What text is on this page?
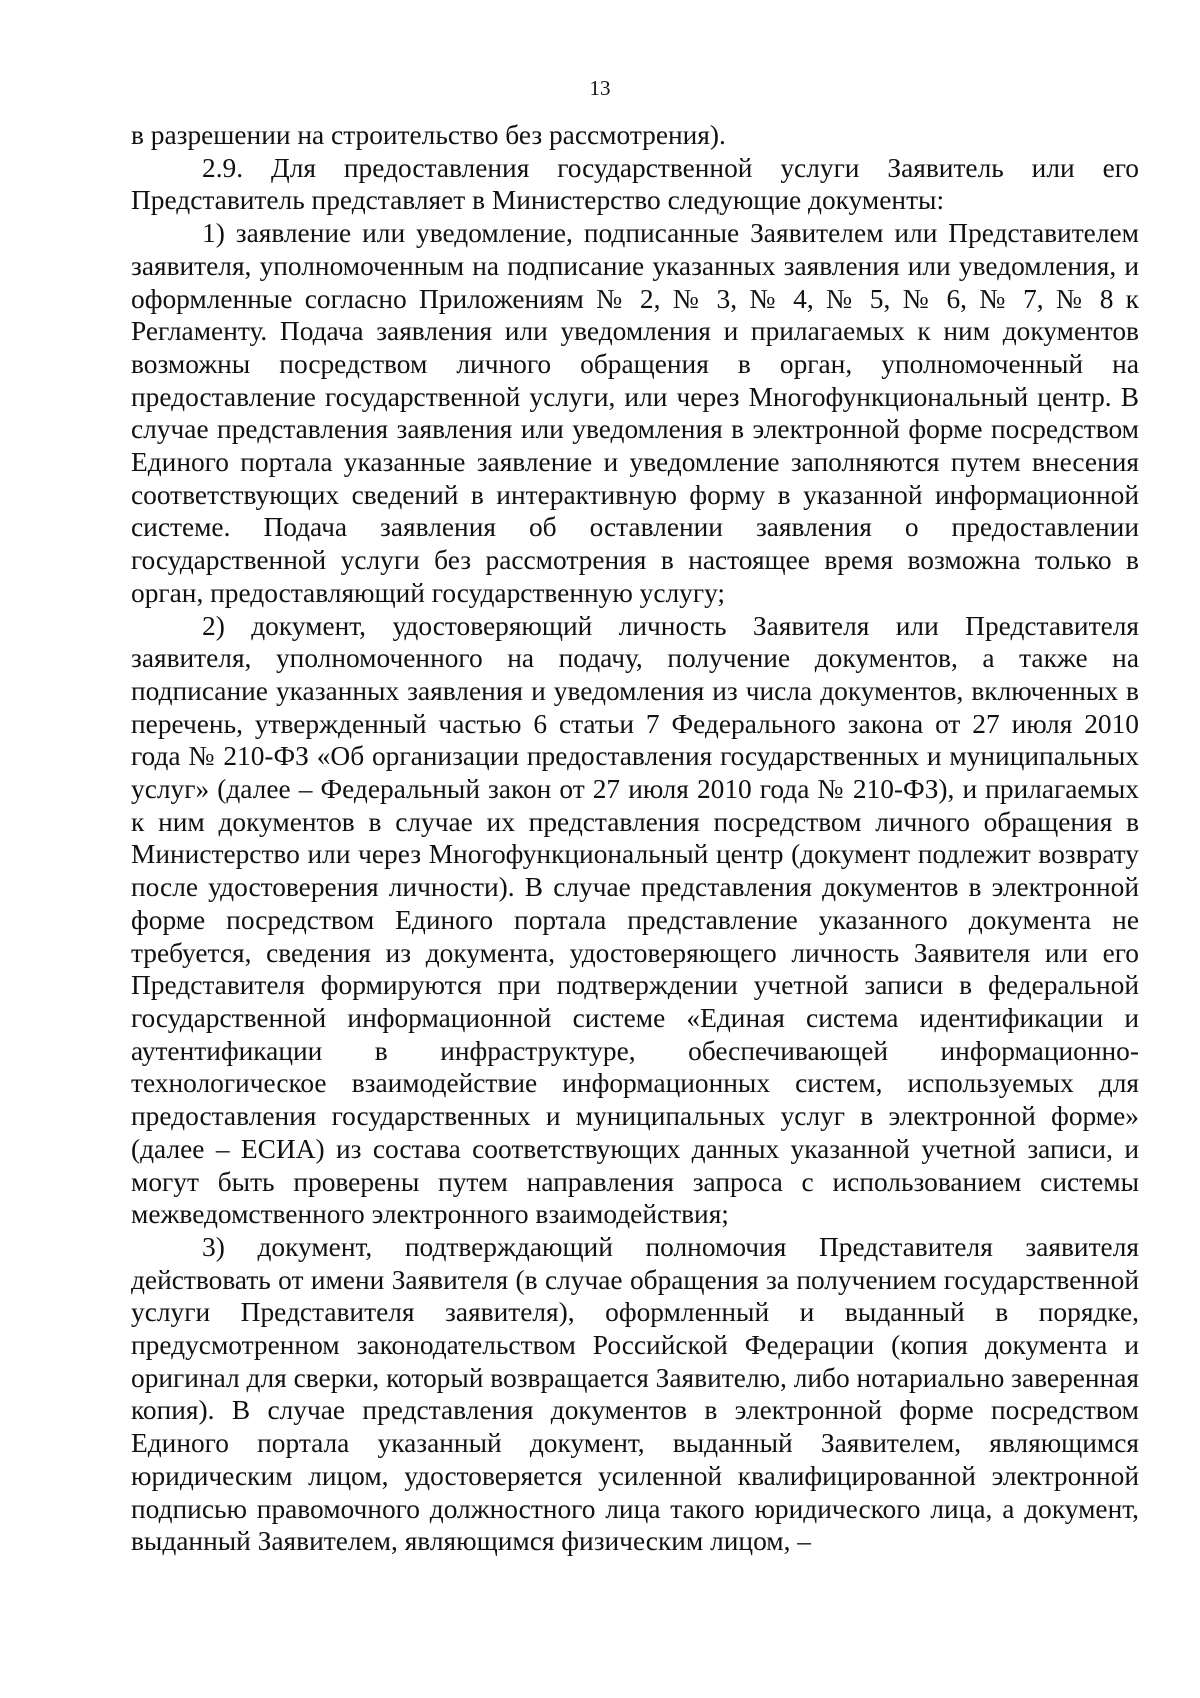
13

в разрешении на строительство без рассмотрения).

2.9. Для предоставления государственной услуги Заявитель или его Представитель представляет в Министерство следующие документы:

1) заявление или уведомление, подписанные Заявителем или Представителем заявителя, уполномоченным на подписание указанных заявления или уведомления, и оформленные согласно Приложениям № 2, № 3, № 4, № 5, № 6, № 7, № 8 к Регламенту. Подача заявления или уведомления и прилагаемых к ним документов возможны посредством личного обращения в орган, уполномоченный на предоставление государственной услуги, или через Многофункциональный центр. В случае представления заявления или уведомления в электронной форме посредством Единого портала указанные заявление и уведомление заполняются путем внесения соответствующих сведений в интерактивную форму в указанной информационной системе. Подача заявления об оставлении заявления о предоставлении государственной услуги без рассмотрения в настоящее время возможна только в орган, предоставляющий государственную услугу;

2) документ, удостоверяющий личность Заявителя или Представителя заявителя, уполномоченного на подачу, получение документов, а также на подписание указанных заявления и уведомления из числа документов, включенных в перечень, утвержденный частью 6 статьи 7 Федерального закона от 27 июля 2010 года № 210-ФЗ «Об организации предоставления государственных и муниципальных услуг» (далее – Федеральный закон от 27 июля 2010 года № 210-ФЗ), и прилагаемых к ним документов в случае их представления посредством личного обращения в Министерство или через Многофункциональный центр (документ подлежит возврату после удостоверения личности). В случае представления документов в электронной форме посредством Единого портала представление указанного документа не требуется, сведения из документа, удостоверяющего личность Заявителя или его Представителя формируются при подтверждении учетной записи в федеральной государственной информационной системе «Единая система идентификации и аутентификации в инфраструктуре, обеспечивающей информационно-технологическое взаимодействие информационных систем, используемых для предоставления государственных и муниципальных услуг в электронной форме» (далее – ЕСИА) из состава соответствующих данных указанной учетной записи, и могут быть проверены путем направления запроса с использованием системы межведомственного электронного взаимодействия;

3) документ, подтверждающий полномочия Представителя заявителя действовать от имени Заявителя (в случае обращения за получением государственной услуги Представителя заявителя), оформленный и выданный в порядке, предусмотренном законодательством Российской Федерации (копия документа и оригинал для сверки, который возвращается Заявителю, либо нотариально заверенная копия). В случае представления документов в электронной форме посредством Единого портала указанный документ, выданный Заявителем, являющимся юридическим лицом, удостоверяется усиленной квалифицированной электронной подписью правомочного должностного лица такого юридического лица, а документ, выданный Заявителем, являющимся физическим лицом, –
